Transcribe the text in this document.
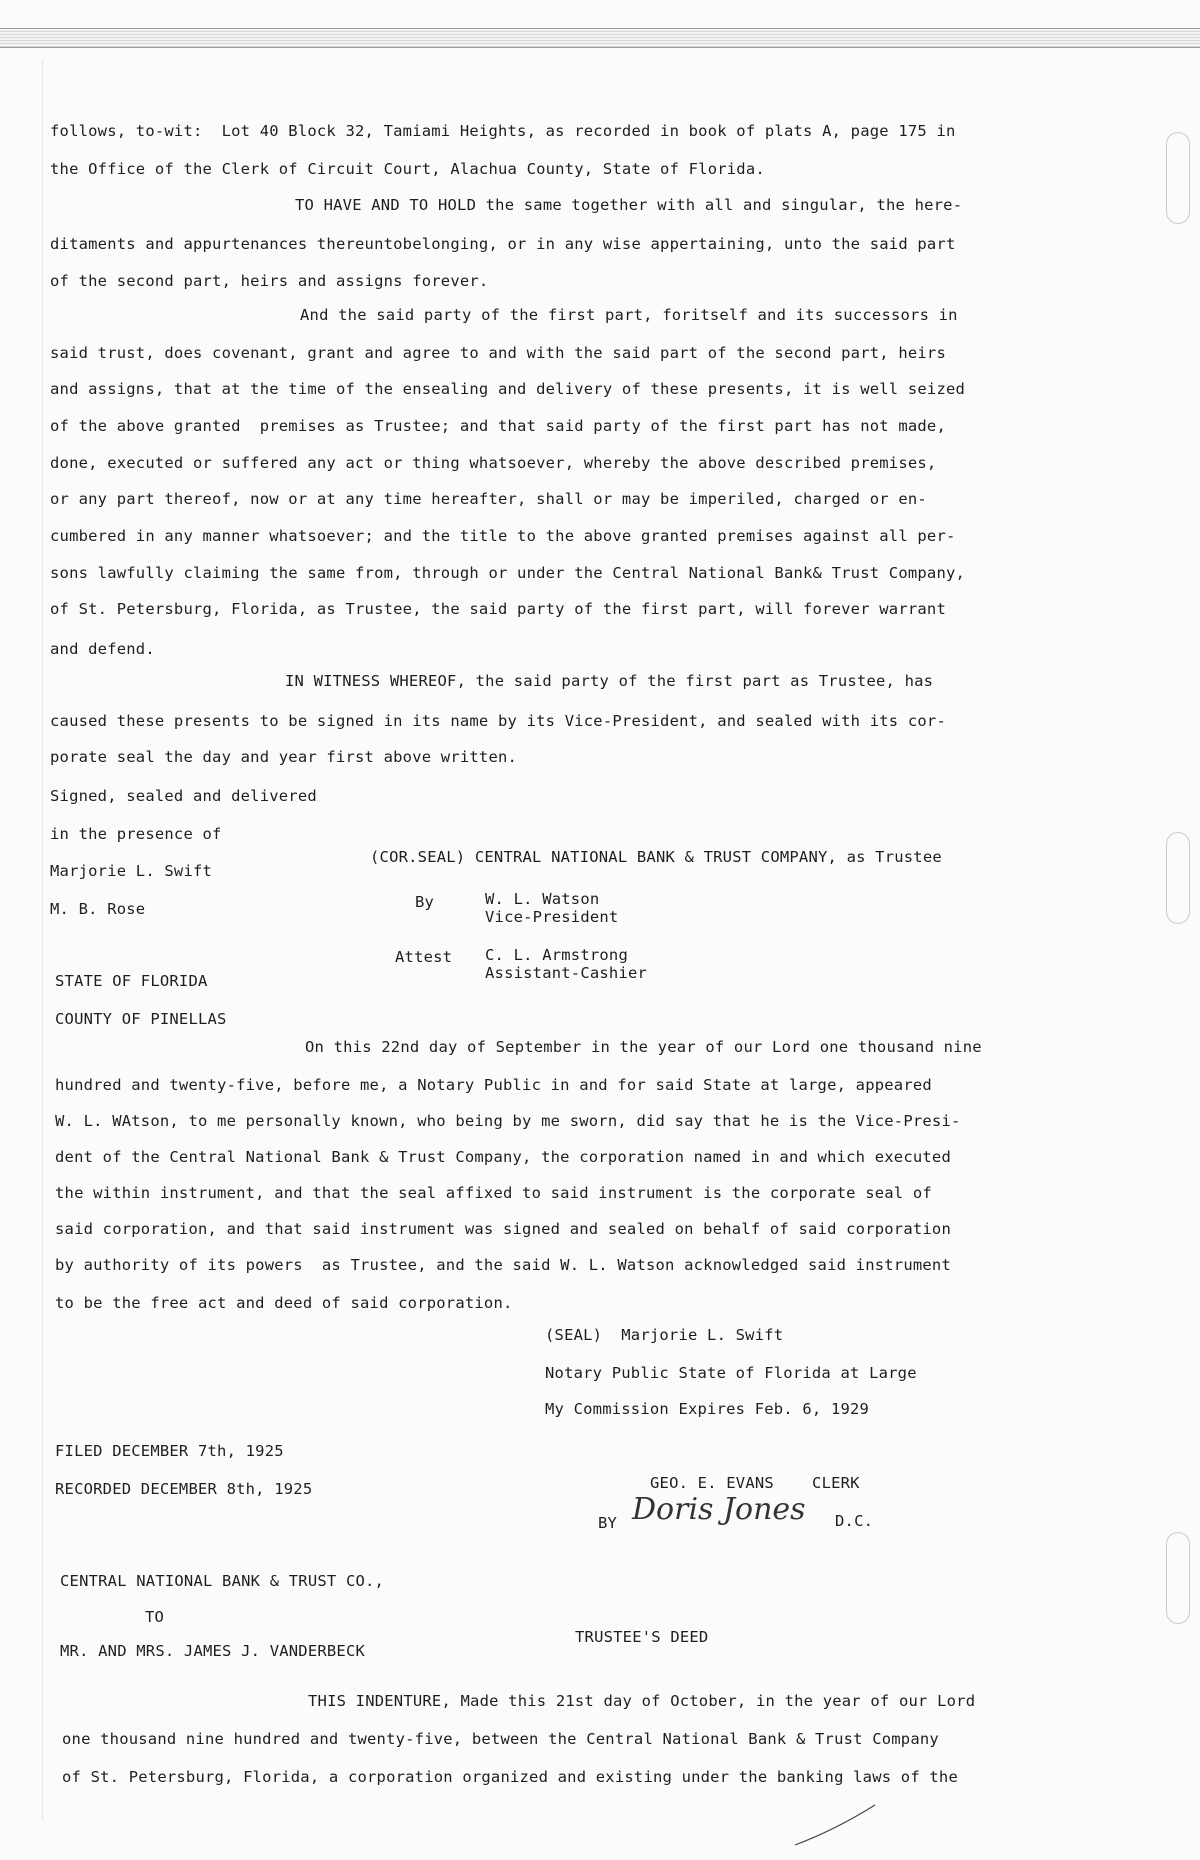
follows, to-wit:  Lot 40 Block 32, Tamiami Heights, as recorded in book of plats A, page 175 in
the Office of the Clerk of Circuit Court, Alachua County, State of Florida.
TO HAVE AND TO HOLD the same together with all and singular, the here-
ditaments and appurtenances thereuntobelonging, or in any wise appertaining, unto the said part
of the second part, heirs and assigns forever.
And the said party of the first part, foritself and its successors in
said trust, does covenant, grant and agree to and with the said part of the second part, heirs
and assigns, that at the time of the ensealing and delivery of these presents, it is well seized
of the above granted  premises as Trustee; and that said party of the first part has not made,
done, executed or suffered any act or thing whatsoever, whereby the above described premises,
or any part thereof, now or at any time hereafter, shall or may be imperiled, charged or en-
cumbered in any manner whatsoever; and the title to the above granted premises against all per-
sons lawfully claiming the same from, through or under the Central National Bank& Trust Company,
of St. Petersburg, Florida, as Trustee, the said party of the first part, will forever warrant
and defend.
IN WITNESS WHEREOF, the said party of the first part as Trustee, has
caused these presents to be signed in its name by its Vice-President, and sealed with its cor-
porate seal the day and year first above written.
Signed, sealed and delivered
in the presence of
Marjorie L. Swift
(COR.SEAL) CENTRAL NATIONAL BANK & TRUST COMPANY, as Trustee
M. B. Rose	By	W. L. Watson
Vice-President
Attest C. L. Armstrong
Assistant-Cashier
STATE OF FLORIDA
COUNTY OF PINELLAS
On this 22nd day of September in the year of our Lord one thousand nine
hundred and twenty-five, before me, a Notary Public in and for said State at large, appeared
W. L. WAtson, to me personally known, who being by me sworn, did say that he is the Vice-Presi-
dent of the Central National Bank & Trust Company, the corporation named in and which executed
the within instrument, and that the seal affixed to said instrument is the corporate seal of
said corporation, and that said instrument was signed and sealed on behalf of said corporation
by authority of its powers  as Trustee, and the said W. L. Watson acknowledged said instrument
to be the free act and deed of said corporation.
(SEAL)  Marjorie L. Swift
Notary Public State of Florida at Large
My Commission Expires Feb. 6, 1929
FILED DECEMBER 7th, 1925
RECORDED DECEMBER 8th, 1925	GEO. E. EVANS    CLERK
BY Doris Jones D.C.
CENTRAL NATIONAL BANK & TRUST CO.,
TO
TRUSTEE'S DEED
MR. AND MRS. JAMES J. VANDERBECK
THIS INDENTURE, Made this 21st day of October, in the year of our Lord
one thousand nine hundred and twenty-five, between the Central National Bank & Trust Company
of St. Petersburg, Florida, a corporation organized and existing under the banking laws of the
